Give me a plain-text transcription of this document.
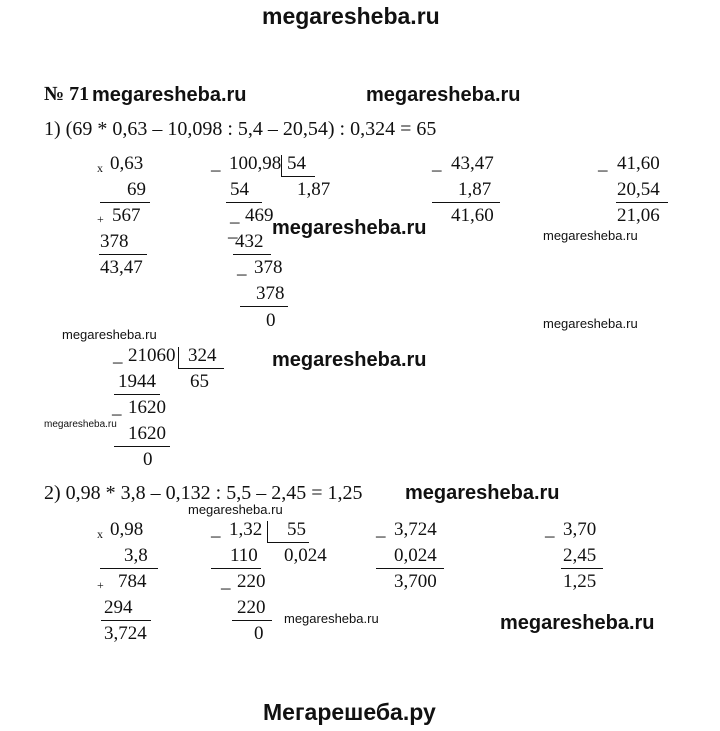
megaresheba.ru
Мегарешеба.ру
№ 71 megaresheba.ru	megaresheba.ru
megaresheba.ru	megaresheba.ru
megaresheba.ru
megaresheba.ru
megaresheba.ru
megaresheba.ru
megaresheba.ru
megaresheba.ru
megaresheba.ru	megaresheba.ru
1) (69 * 0,63 – 10,098 : 5,4 – 20,54) : 0,324 = 65
x 0,63
69
+ 567
378
43,47
_ 100,98 54
1,87
54
_ 469
_
432
_ 378
378
0
_ 43,47
1,87
41,60
_ 41,60
20,54
21,06
_ 21060 324
65
1944
_ 1620
1620
0
2) 0,98 * 3,8 – 0,132 : 5,5 – 2,45 = 1,25
x 0,98
3,8
+ 784
294
3,724
_ 1,32 55
0,024
110
_ 220
220
0
_ 3,724
0,024
3,700
_ 3,70
2,45
1,25
